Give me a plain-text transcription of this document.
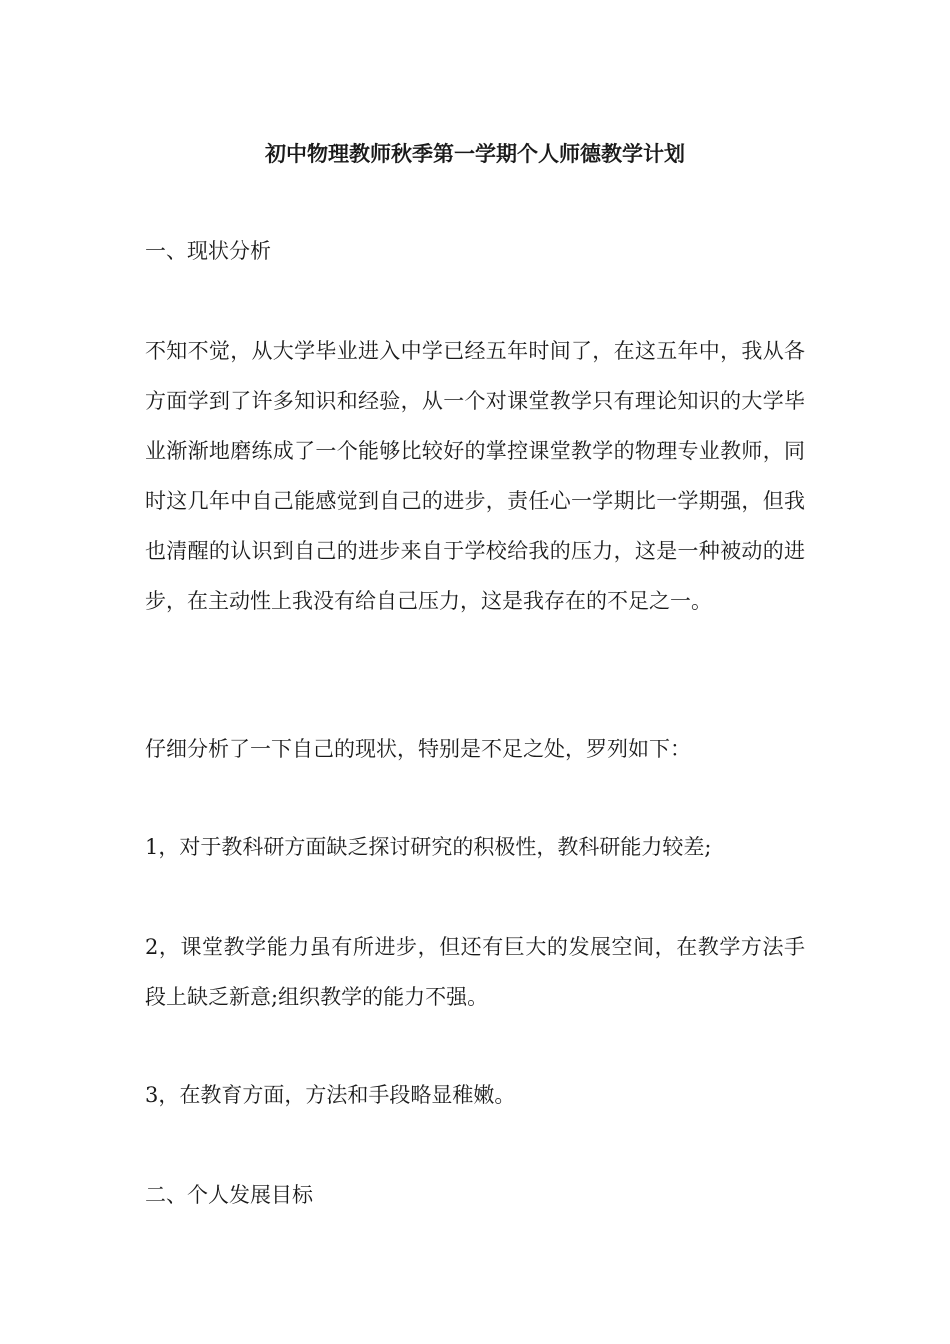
初中物理教师秋季第一学期个人师德教学计划

一、现状分析

不知不觉，从大学毕业进入中学已经五年时间了，在这五年中，我从各方面学到了许多知识和经验，从一个对课堂教学只有理论知识的大学毕业渐渐地磨练成了一个能够比较好的掌控课堂教学的物理专业教师，同时这几年中自己能感觉到自己的进步，责任心一学期比一学期强，但我也清醒的认识到自己的进步来自于学校给我的压力，这是一种被动的进步，在主动性上我没有给自己压力，这是我存在的不足之一。

仔细分析了一下自己的现状，特别是不足之处，罗列如下：

1，对于教科研方面缺乏探讨研究的积极性，教科研能力较差;

2，课堂教学能力虽有所进步，但还有巨大的发展空间，在教学方法手段上缺乏新意;组织教学的能力不强。

3，在教育方面，方法和手段略显稚嫩。

二、个人发展目标
